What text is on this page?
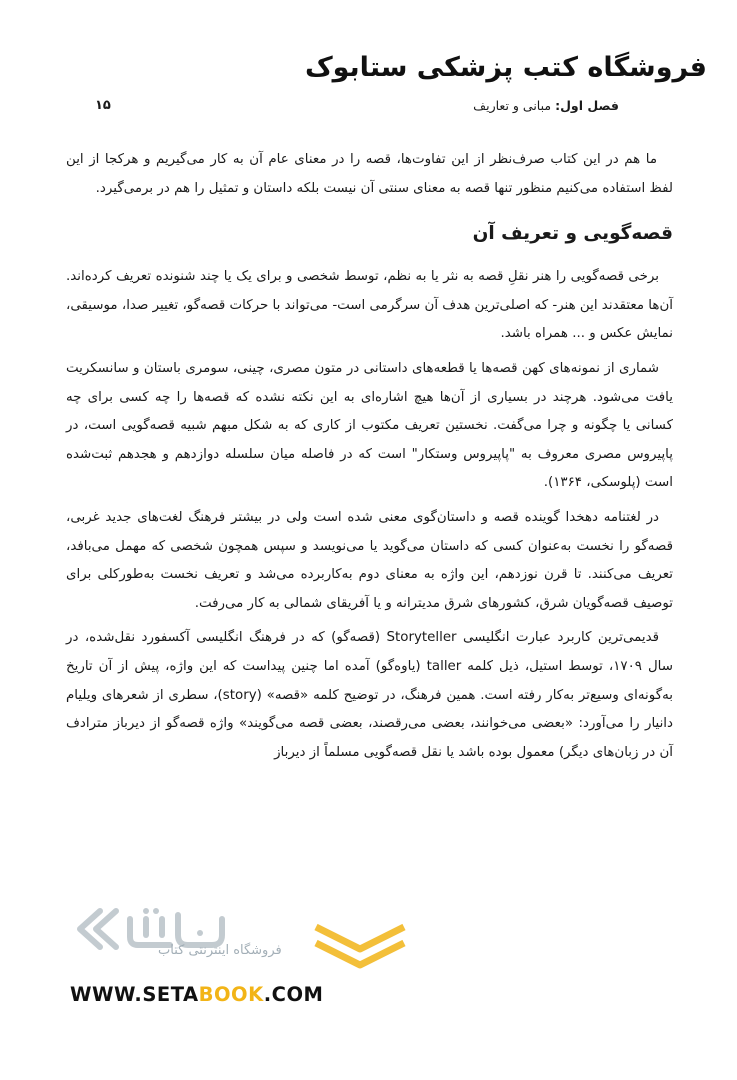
فروشگاه کتب پزشکی ستابوک
فصل اول: مبانی و تعاریف
۱۵

ما هم در این کتاب صرف‌نظر از این تفاوت‌ها، قصه را در معنای عام آن به کار می‌گیریم و هرکجا از این لفظ استفاده می‌کنیم منظور تنها قصه به معنای سنتی آن نیست بلکه داستان و تمثیل را هم در برمی‌گیرد.

قصه‌گویی و تعریف آن

برخی قصه‌گویی را هنر نقلِ قصه به نثر یا به نظم، توسط شخصی و برای یک یا چند شنونده تعریف کرده‌اند. آن‌ها معتقدند این هنر- که اصلی‌ترین هدف آن سرگرمی است- می‌تواند با حرکات قصه‌گو، تغییر صدا، موسیقی، نمایش عکس و ... همراه باشد.

شماری از نمونه‌های کهن قصه‌ها یا قطعه‌های داستانی در متون مصری، چینی، سومری باستان و سانسکریت یافت می‌شود. هرچند در بسیاری از آن‌ها هیچ اشاره‌ای به این نکته نشده که قصه‌ها را چه کسی برای چه کسانی یا چگونه و چرا می‌گفت. نخستین تعریف مکتوب از کاری که به شکل مبهم شبیه قصه‌گویی است، در پاپیروس مصری معروف به "پاپیروس وستکار" است که در فاصله میان سلسله دوازدهم و هجدهم ثبت‌شده است (پلوسکی، ۱۳۶۴).

در لغتنامه دهخدا گوینده قصه و داستان‌گوی معنی شده است ولی در بیشتر فرهنگ لغت‌های جدید غربی، قصه‌گو را نخست به‌عنوان کسی که داستان می‌گوید یا می‌نویسد و سپس همچون شخصی که مهمل می‌بافد، تعریف می‌کنند. تا قرن نوزدهم، این واژه به معنای دوم به‌کاربرده می‌شد و تعریف نخست به‌طورکلی برای توصیف قصه‌گویان شرق، کشورهای شرق مدیترانه و یا آفریقای شمالی به کار می‌رفت.

قدیمی‌ترین کاربرد عبارت انگلیسی Storyteller (قصه‌گو) که در فرهنگ انگلیسی آکسفورد نقل‌شده، در سال ۱۷۰۹، توسط استیل، ذیل کلمه taller (یاوه‌گو) آمده اما چنین پیداست که این واژه، پیش از آن تاریخ به‌گونه‌ای وسیع‌تر به‌کار رفته است. همین فرهنگ، در توضیح کلمه «قصه» (story)، سطری از شعرهای ویلیام دانیار را می‌آورد: «بعضی می‌خوانند، بعضی می‌رقصند، بعضی قصه می‌گویند» واژه قصه‌گو از دیرباز مترادف آن در زبان‌های دیگر) معمول بوده باشد یا نقل قصه‌گویی مسلماً از دیرباز

فروشگاه اینترنتی کتاب
WWW.SETABOOK.COM
